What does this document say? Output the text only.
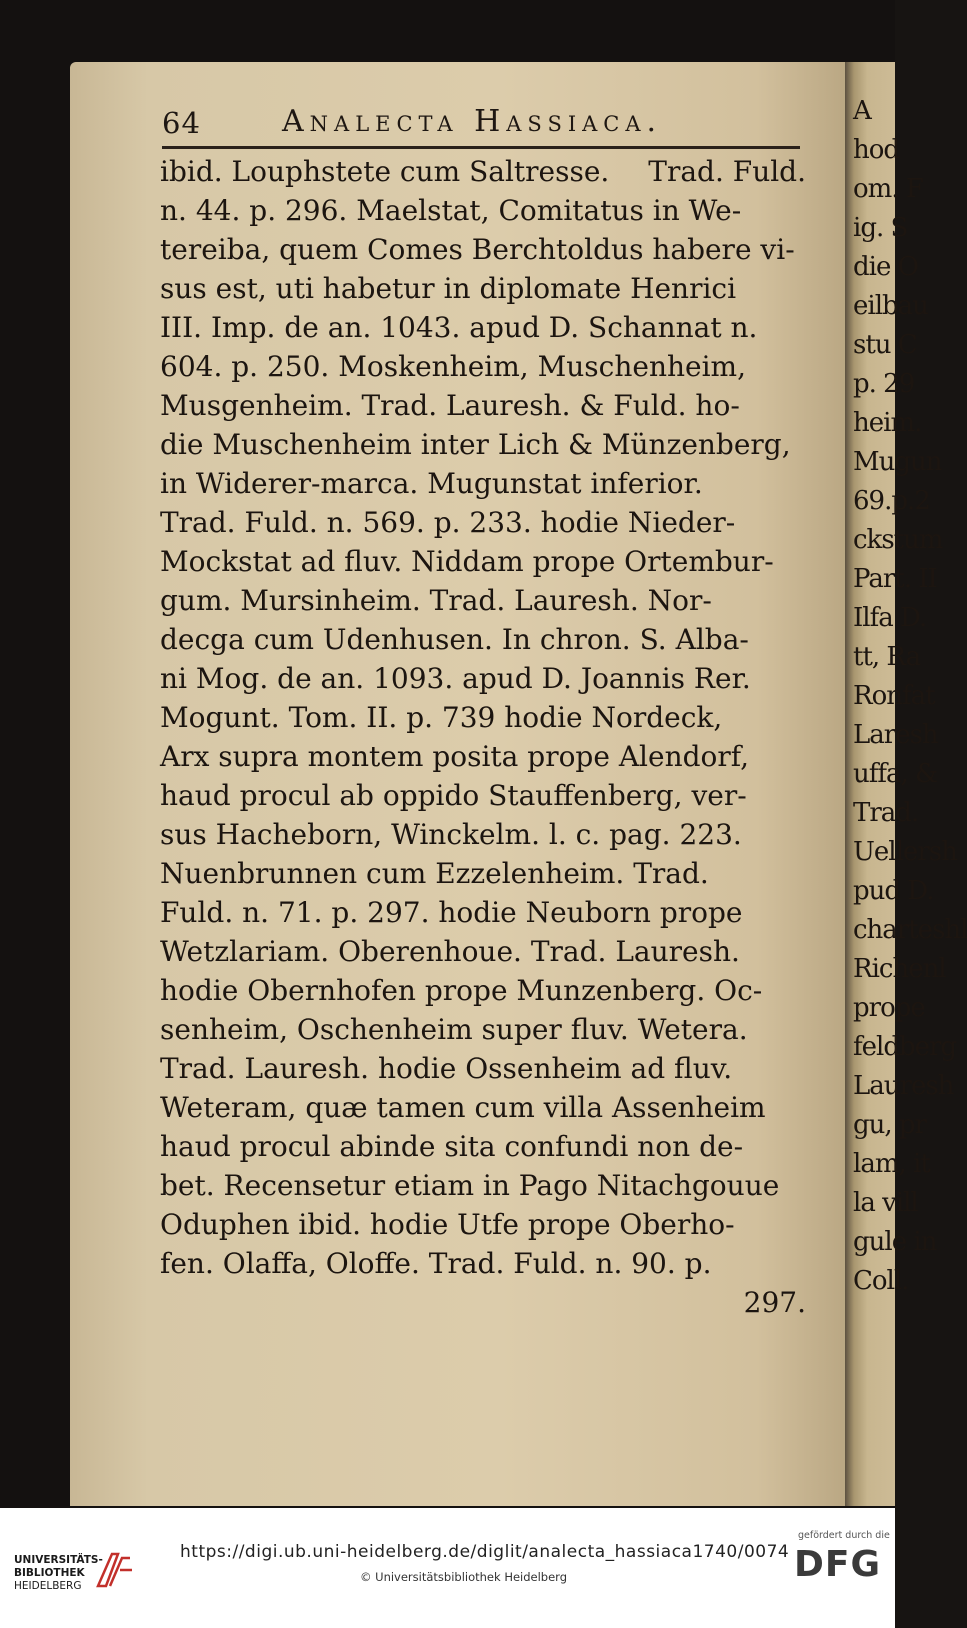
A
hod
om. F
ig. S
die O
eilbau
stu C
p. 29
heim.
Mugun
69.p.2
ckstum
Part. II
Ilfa D.
tt, Ra
Ronfat
Laresh
uffa, &
Trad.
Uellersh
pud D.
charteshl
Richenl
prope
feldberg
Lauresh
gu, pr
lam, it
la vill
gule in
Coll.
64	Analecta Hassiaca.
ibid. Louphstete cum Saltresse. Trad. Fuld.
n. 44. p. 296. Maelstat, Comitatus in We-
tereiba, quem Comes Berchtoldus habere vi-
sus est, uti habetur in diplomate Henrici
III. Imp. de an. 1043. apud D. Schannat n.
604. p. 250. Moskenheim, Muschenheim,
Musgenheim. Trad. Lauresh. & Fuld. ho-
die Muschenheim inter Lich & Münzenberg,
in Widerer-marca. Mugunstat inferior.
Trad. Fuld. n. 569. p. 233. hodie Nieder-
Mockstat ad fluv. Niddam prope Ortembur-
gum. Mursinheim. Trad. Lauresh. Nor-
decga cum Udenhusen. In chron. S. Alba-
ni Mog. de an. 1093. apud D. Joannis Rer.
Mogunt. Tom. II. p. 739 hodie Nordeck,
Arx supra montem posita prope Alendorf,
haud procul ab oppido Stauffenberg, ver-
sus Hacheborn, Winckelm. l. c. pag. 223.
Nuenbrunnen cum Ezzelenheim. Trad.
Fuld. n. 71. p. 297. hodie Neuborn prope
Wetzlariam. Oberenhoue. Trad. Lauresh.
hodie Obernhofen prope Munzenberg. Oc-
senheim, Oschenheim super fluv. Wetera.
Trad. Lauresh. hodie Ossenheim ad fluv.
Weteram, quæ tamen cum villa Assenheim
haud procul abinde sita confundi non de-
bet. Recensetur etiam in Pago Nitachgouue
Oduphen ibid. hodie Utfe prope Oberho-
fen. Olaffa, Oloffe. Trad. Fuld. n. 90. p.
297.
UNIVERSITÄTS-
BIBLIOTHEK
HEIDELBERG
https://digi.ub.uni-heidelberg.de/diglit/analecta_hassiaca1740/0074
© Universitätsbibliothek Heidelberg
gefördert durch die
DFG
